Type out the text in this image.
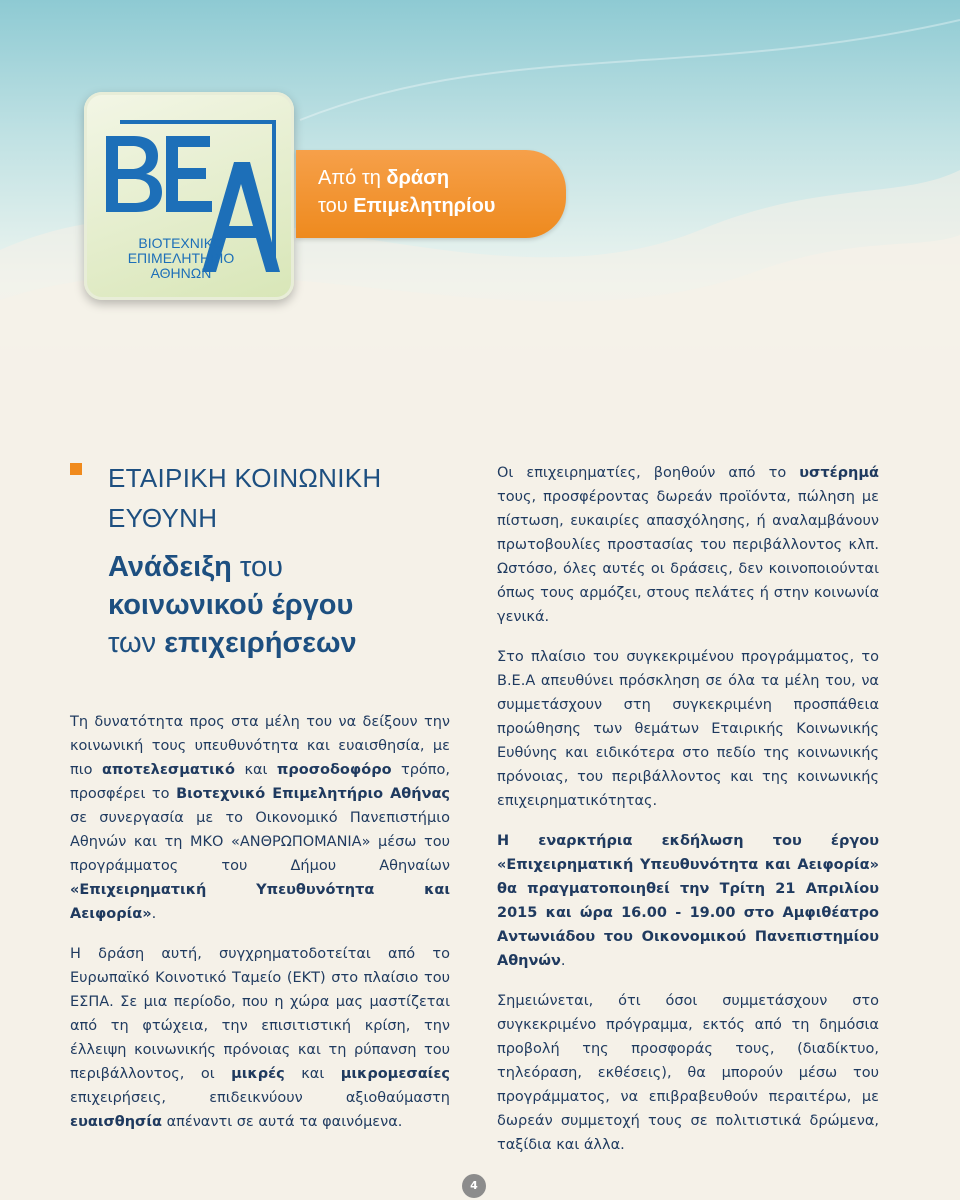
ΒΙΟΤΕΧΝΙΚΟ
ΕΠΙΜΕΛΗΤΗΡΙΟ
ΑΘΗΝΩΝ
Από τη δράση
του Επιμελητηρίου
ΕΤΑΙΡΙΚΗ ΚΟΙΝΩΝΙΚΗ ΕΥΘΥΝΗ
Ανάδειξη του
κοινωνικού έργου
των επιχειρήσεων

Τη δυνατότητα προς στα μέλη του να δείξουν την κοινωνική τους υπευθυνότητα και ευαισθησία, με πιο αποτελεσματικό και προσοδοφόρο τρόπο, προσφέρει το Βιοτεχνικό Επιμελητήριο Αθήνας σε συνεργασία με το Οικονομικό Πανεπιστήμιο Αθηνών και τη ΜΚΟ «ΑΝΘΡΩΠΟΜΑΝΙΑ» μέσω του προγράμματος του Δήμου Αθηναίων «Επιχειρηματική Υπευθυνότητα και Αειφορία».

Η δράση αυτή, συγχρηματοδοτείται από το Ευρωπαϊκό Κοινοτικό Ταμείο (ΕΚΤ) στο πλαίσιο του ΕΣΠΑ. Σε μια περίοδο, που η χώρα μας μαστίζεται από τη φτώχεια, την επισιτιστική κρίση, την έλλειψη κοινωνικής πρόνοιας και τη ρύπανση του περιβάλλοντος, οι μικρές και μικρομεσαίες επιχειρήσεις, επιδεικνύουν αξιοθαύμαστη ευαισθησία απέναντι σε αυτά τα φαινόμενα.

Οι επιχειρηματίες, βοηθούν από το υστέρημά τους, προσφέροντας δωρεάν προϊόντα, πώληση με πίστωση, ευκαιρίες απασχόλησης, ή αναλαμβάνουν πρωτοβουλίες προστασίας του περιβάλλοντος κλπ. Ωστόσο, όλες αυτές οι δράσεις, δεν κοινοποιούνται όπως τους αρμόζει, στους πελάτες ή στην κοινωνία γενικά.

Στο πλαίσιο του συγκεκριμένου προγράμματος, το Β.Ε.Α απευθύνει πρόσκληση σε όλα τα μέλη του, να συμμετάσχουν στη συγκεκριμένη προσπάθεια προώθησης των θεμάτων Εταιρικής Κοινωνικής Ευθύνης και ειδικότερα στο πεδίο της κοινωνικής πρόνοιας, του περιβάλλοντος και της κοινωνικής επιχειρηματικότητας.

Η εναρκτήρια εκδήλωση του έργου «Επιχειρηματική Υπευθυνότητα και Αειφορία» θα πραγματοποιηθεί την Τρίτη 21 Απριλίου 2015 και ώρα 16.00 - 19.00 στο Αμφιθέατρο Αντωνιάδου του Οικονομικού Πανεπιστημίου Αθηνών.

Σημειώνεται, ότι όσοι συμμετάσχουν στο συγκεκριμένο πρόγραμμα, εκτός από τη δημόσια προβολή της προσφοράς τους, (διαδίκτυο, τηλεόραση, εκθέσεις), θα μπορούν μέσω του προγράμματος, να επιβραβευθούν περαιτέρω, με δωρεάν συμμετοχή τους σε πολιτιστικά δρώμενα, ταξίδια και άλλα.

4
